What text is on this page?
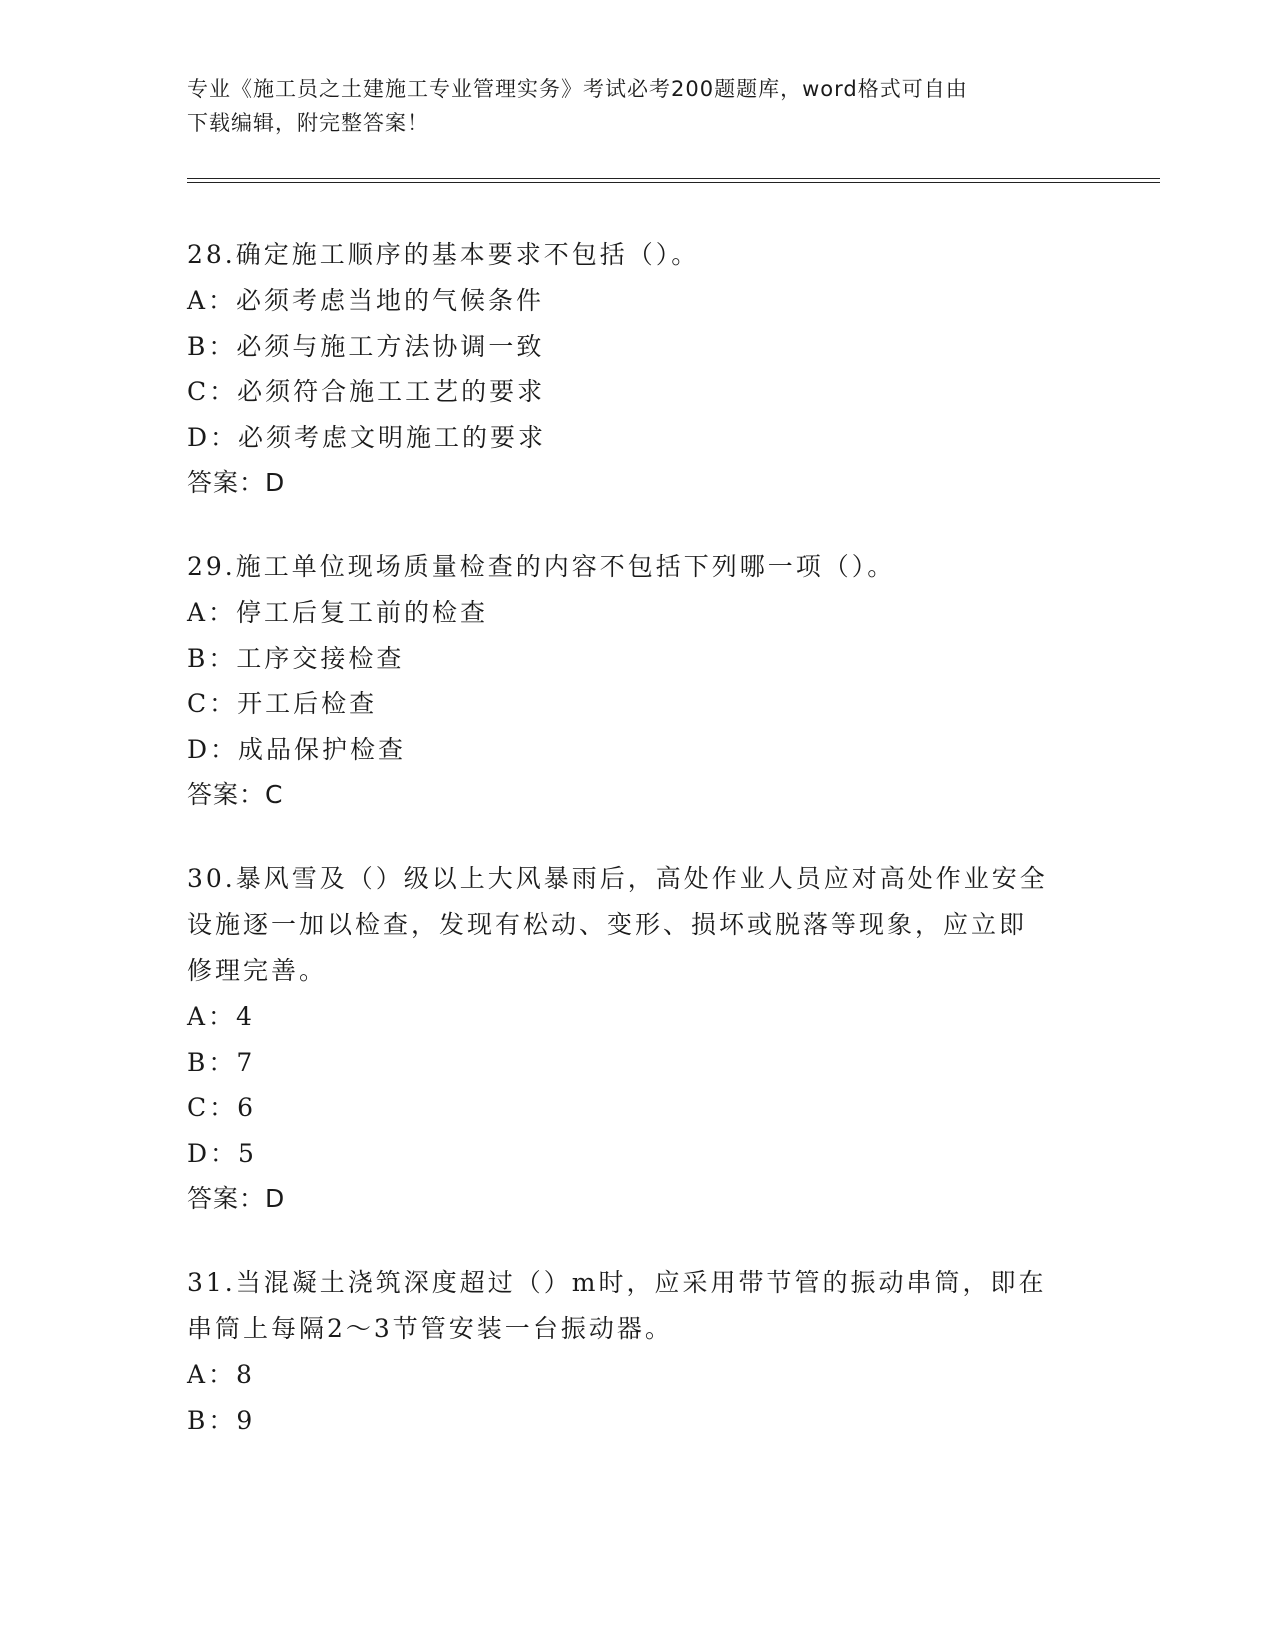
专业《施工员之土建施工专业管理实务》考试必考200题题库，word格式可自由
下载编辑，附完整答案！
28.确定施工顺序的基本要求不包括（）。
A：必须考虑当地的气候条件
B：必须与施工方法协调一致
C：必须符合施工工艺的要求
D：必须考虑文明施工的要求
答案：D
29.施工单位现场质量检查的内容不包括下列哪一项（）。
A：停工后复工前的检查
B：工序交接检查
C：开工后检查
D：成品保护检查
答案：C
30.暴风雪及（）级以上大风暴雨后，高处作业人员应对高处作业安全
设施逐一加以检查，发现有松动、变形、损坏或脱落等现象，应立即
修理完善。
A：4
B：7
C：6
D：5
答案：D
31.当混凝土浇筑深度超过（）m时，应采用带节管的振动串筒，即在
串筒上每隔2～3节管安装一台振动器。
A：8
B：9
